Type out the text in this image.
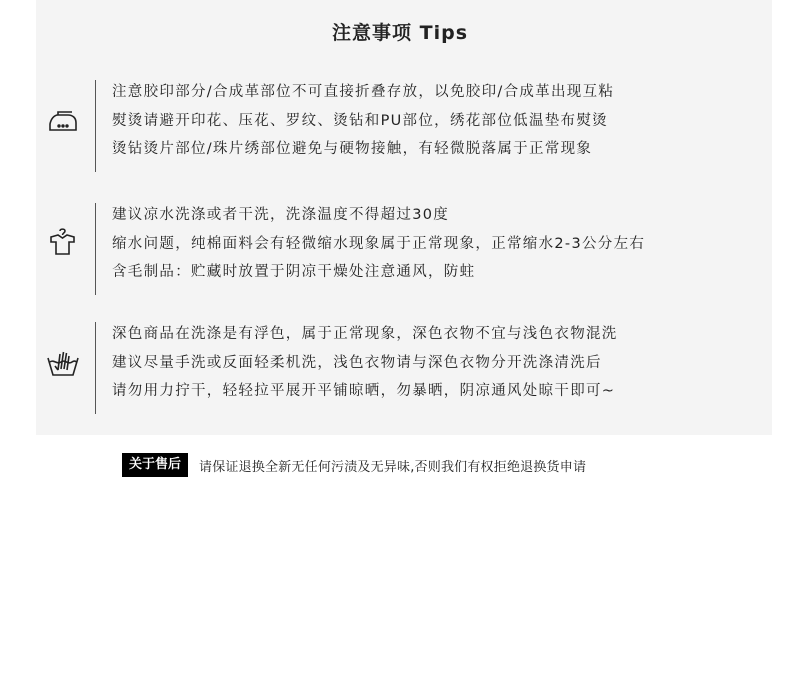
注意事项 Tips
注意胶印部分/合成革部位不可直接折叠存放，以免胶印/合成革出现互粘
熨烫请避开印花、压花、罗纹、烫钻和PU部位，绣花部位低温垫布熨烫
烫钻烫片部位/珠片绣部位避免与硬物接触，有轻微脱落属于正常现象
建议凉水洗涤或者干洗，洗涤温度不得超过30度
缩水问题，纯棉面料会有轻微缩水现象属于正常现象，正常缩水2-3公分左右
含毛制品：贮藏时放置于阴凉干燥处注意通风，防蛀
深色商品在洗涤是有浮色，属于正常现象，深色衣物不宜与浅色衣物混洗
建议尽量手洗或反面轻柔机洗，浅色衣物请与深色衣物分开洗涤清洗后
请勿用力拧干，轻轻拉平展开平铺晾晒，勿暴晒，阴凉通风处晾干即可~
关于售后	请保证退换全新无任何污渍及无异味,否则我们有权拒绝退换货申请
